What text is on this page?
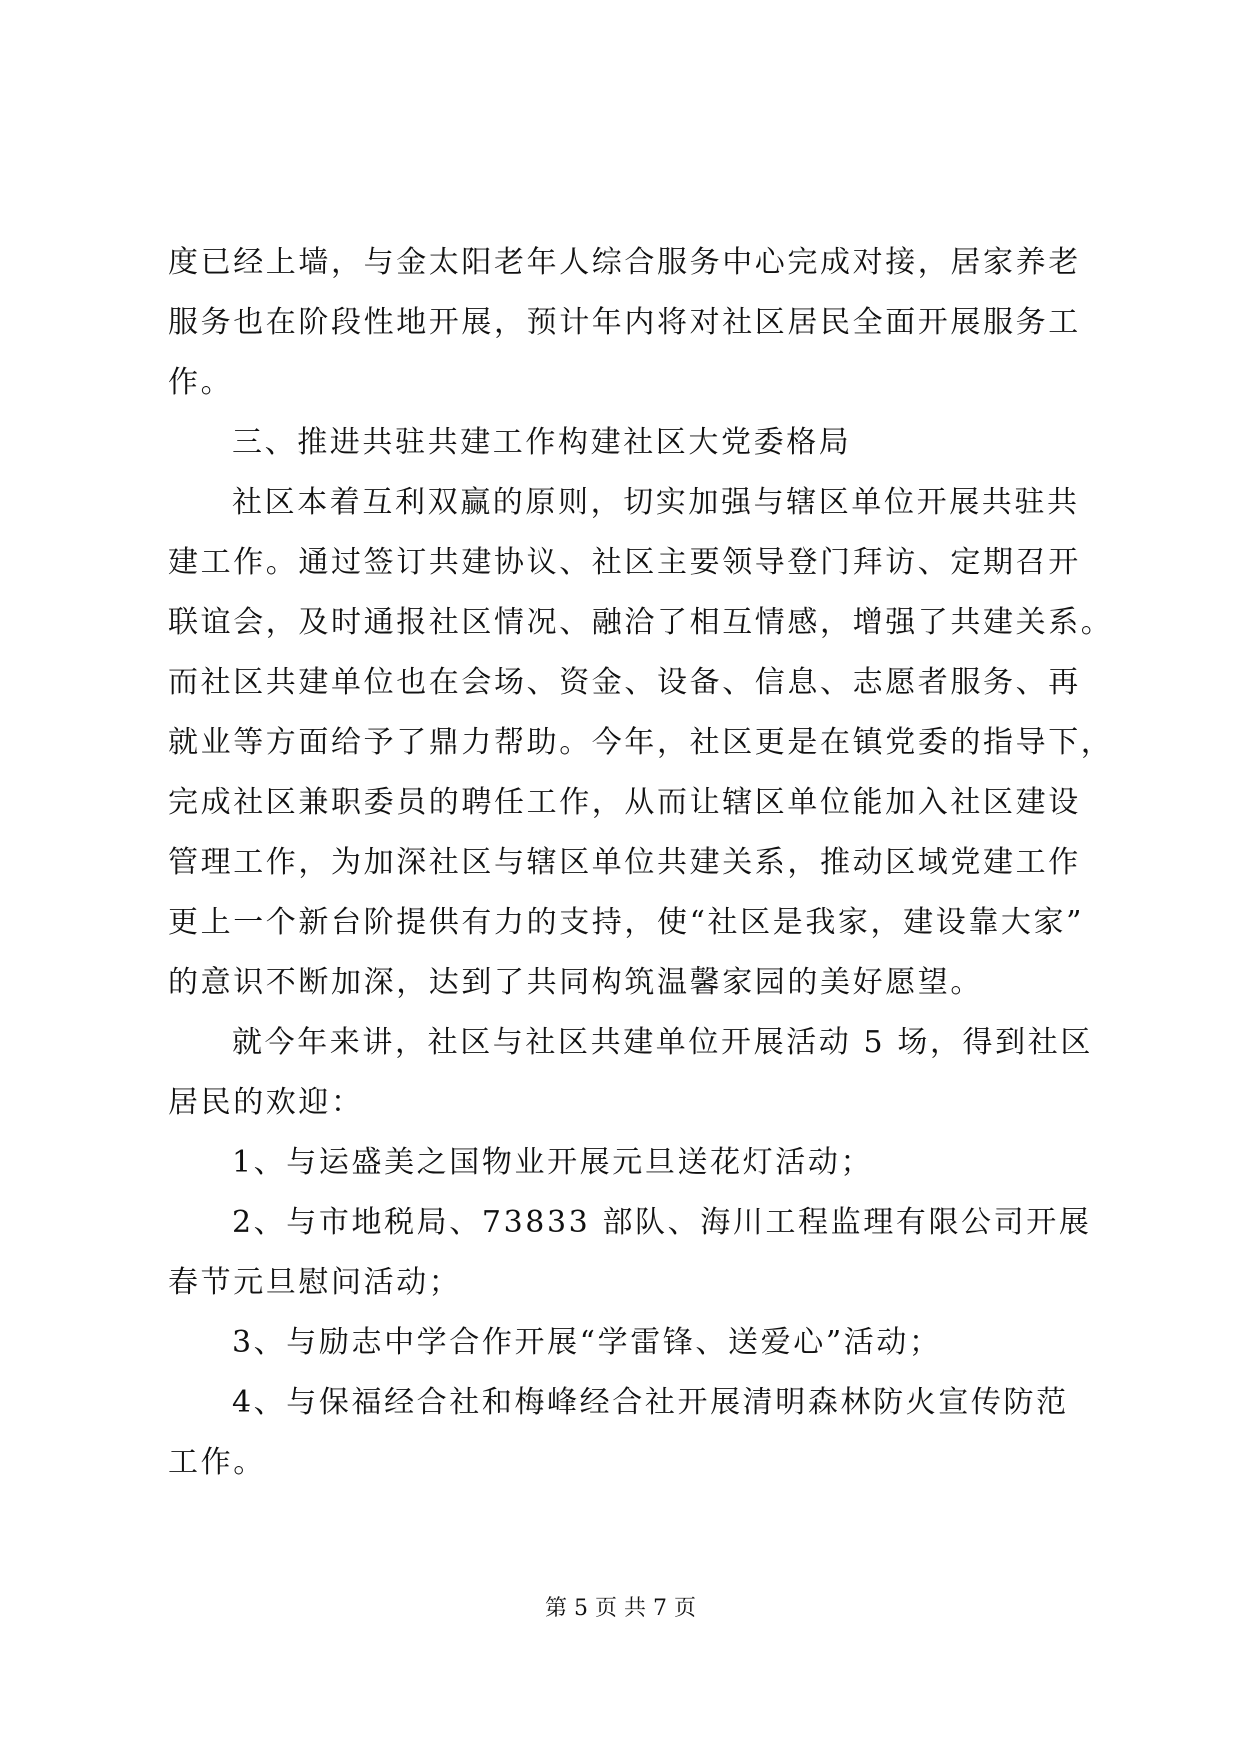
度已经上墙，与金太阳老年人综合服务中心完成对接，居家养老
服务也在阶段性地开展，预计年内将对社区居民全面开展服务工
作。
三、推进共驻共建工作构建社区大党委格局
社区本着互利双赢的原则，切实加强与辖区单位开展共驻共
建工作。通过签订共建协议、社区主要领导登门拜访、定期召开
联谊会，及时通报社区情况、融洽了相互情感，增强了共建关系。
而社区共建单位也在会场、资金、设备、信息、志愿者服务、再
就业等方面给予了鼎力帮助。今年，社区更是在镇党委的指导下，
完成社区兼职委员的聘任工作，从而让辖区单位能加入社区建设
管理工作，为加深社区与辖区单位共建关系，推动区域党建工作
更上一个新台阶提供有力的支持，使“社区是我家，建设靠大家”
的意识不断加深，达到了共同构筑温馨家园的美好愿望。
就今年来讲，社区与社区共建单位开展活动 5 场，得到社区
居民的欢迎：
1、与运盛美之国物业开展元旦送花灯活动；
2、与市地税局、73833 部队、海川工程监理有限公司开展
春节元旦慰问活动；
3、与励志中学合作开展“学雷锋、送爱心”活动；
4、与保福经合社和梅峰经合社开展清明森林防火宣传防范
工作。
第 5 页 共 7 页
